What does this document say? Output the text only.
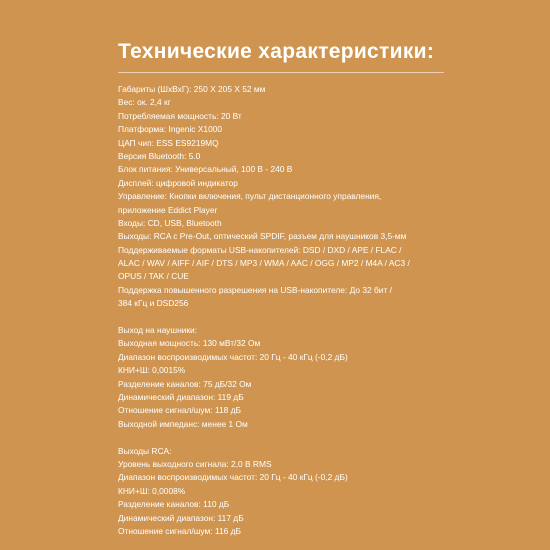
Технические характеристики:
Габариты (ШхВхГ): 250 X 205 X 52 мм
Вес: ок. 2,4 кг
Потребляемая мощность: 20 Вт
Платформа: Ingenic X1000
ЦАП чип: ESS ES9219MQ
Версия Bluetooth: 5.0
Блок питания: Универсальный, 100 В - 240 В
Дисплей: цифровой индикатор
Управление: Кнопки включения, пульт дистанционного управления,
приложение Eddict Player
Входы: CD, USB, Bluetooth
Выходы: RCA с Pre-Out, оптический SPDIF, разъем для наушников 3,5-мм
Поддерживаемые форматы USB-накопителей: DSD / DXD / APE / FLAC /
ALAC / WAV / AIFF / AIF / DTS / MP3 / WMA / AAC / OGG / MP2 / M4A / AC3 /
OPUS / TAK / CUE
Поддержка повышенного разрешения на USB-накопителе: До 32 бит /
384 кГц и DSD256
Выход на наушники:
Выходная мощность: 130 мВт/32 Ом
Диапазон воспроизводимых частот: 20 Гц - 40 кГц (-0,2 дБ)
КНИ+Ш: 0,0015%
Разделение каналов: 75 дБ/32 Ом
Динамический диапазон: 119 дБ
Отношение сигнал/шум: 118 дБ
Выходной импеданс: менее 1 Ом
Выходы RCA:
Уровень выходного сигнала: 2,0 В RMS
Диапазон воспроизводимых частот: 20 Гц - 40 кГц (-0,2 дБ)
КНИ+Ш: 0,0008%
Разделение каналов: 110 дБ
Динамический диапазон: 117 дБ
Отношение сигнал/шум: 116 дБ
